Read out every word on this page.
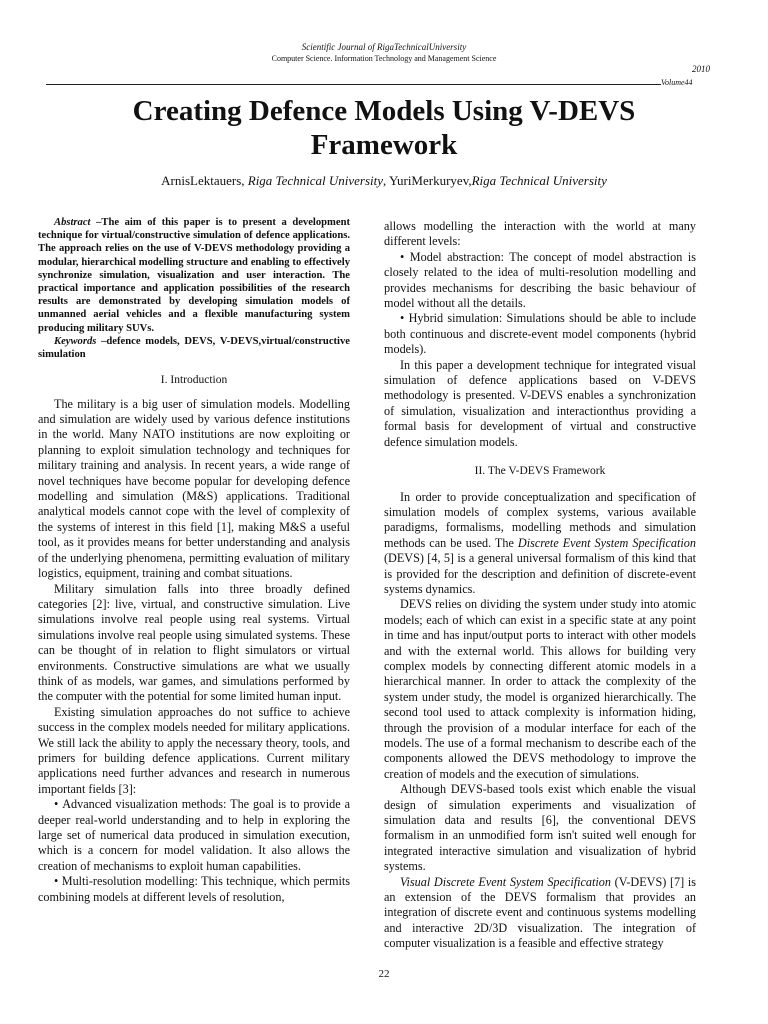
Scientific Journal of RigaTechnicalUniversity
Computer Science. Information Technology and Management Science
2010
Volume44
Creating Defence Models Using V-DEVS Framework
ArnisLektauers, Riga Technical University, YuriMerkuryev,Riga Technical University

Abstract –The aim of this paper is to present a development technique for virtual/constructive simulation of defence applications. The approach relies on the use of V-DEVS methodology providing a modular, hierarchical modelling structure and enabling to effectively synchronize simulation, visualization and user interaction. The practical importance and application possibilities of the research results are demonstrated by developing simulation models of unmanned aerial vehicles and a flexible manufacturing system producing military SUVs.

Keywords –defence models, DEVS, V-DEVS,virtual/constructive simulation

I. Introduction

The military is a big user of simulation models. Modelling and simulation are widely used by various defence institutions in the world. Many NATO institutions are now exploiting or planning to exploit simulation technology and techniques for military training and analysis. In recent years, a wide range of novel techniques have become popular for developing defence modelling and simulation (M&S) applications. Traditional analytical models cannot cope with the level of complexity of the systems of interest in this field [1], making M&S a useful tool, as it provides means for better understanding and analysis of the underlying phenomena, permitting evaluation of military logistics, equipment, training and combat situations.

Military simulation falls into three broadly defined categories [2]: live, virtual, and constructive simulation. Live simulations involve real people using real systems. Virtual simulations involve real people using simulated systems. These can be thought of in relation to flight simulators or virtual environments. Constructive simulations are what we usually think of as models, war games, and simulations performed by the computer with the potential for some limited human input.

Existing simulation approaches do not suffice to achieve success in the complex models needed for military applications. We still lack the ability to apply the necessary theory, tools, and primers for building defence applications. Current military applications need further advances and research in numerous important fields [3]:

• Advanced visualization methods: The goal is to provide a deeper real-world understanding and to help in exploring the large set of numerical data produced in simulation execution, which is a concern for model validation. It also allows the creation of mechanisms to exploit human capabilities.

• Multi-resolution modelling: This technique, which permits combining models at different levels of resolution,

allows modelling the interaction with the world at many different levels:

• Model abstraction: The concept of model abstraction is closely related to the idea of multi-resolution modelling and provides mechanisms for describing the basic behaviour of model without all the details.

• Hybrid simulation: Simulations should be able to include both continuous and discrete-event model components (hybrid models).

In this paper a development technique for integrated visual simulation of defence applications based on V-DEVS methodology is presented. V-DEVS enables a synchronization of simulation, visualization and interactionthus providing a formal basis for development of virtual and constructive defence simulation models.

II. The V-DEVS Framework

In order to provide conceptualization and specification of simulation models of complex systems, various available paradigms, formalisms, modelling methods and simulation methods can be used. The Discrete Event System Specification (DEVS) [4, 5] is a general universal formalism of this kind that is provided for the description and definition of discrete-event systems dynamics.

DEVS relies on dividing the system under study into atomic models; each of which can exist in a specific state at any point in time and has input/output ports to interact with other models and with the external world. This allows for building very complex models by connecting different atomic models in a hierarchical manner. In order to attack the complexity of the system under study, the model is organized hierarchically. The second tool used to attack complexity is information hiding, through the provision of a modular interface for each of the models. The use of a formal mechanism to describe each of the components allowed the DEVS methodology to improve the creation of models and the execution of simulations.

Although DEVS-based tools exist which enable the visual design of simulation experiments and visualization of simulation data and results [6], the conventional DEVS formalism in an unmodified form isn't suited well enough for integrated interactive simulation and visualization of hybrid systems.

Visual Discrete Event System Specification (V-DEVS) [7] is an extension of the DEVS formalism that provides an integration of discrete event and continuous systems modelling and interactive 2D/3D visualization. The integration of computer visualization is a feasible and effective strategy

22
